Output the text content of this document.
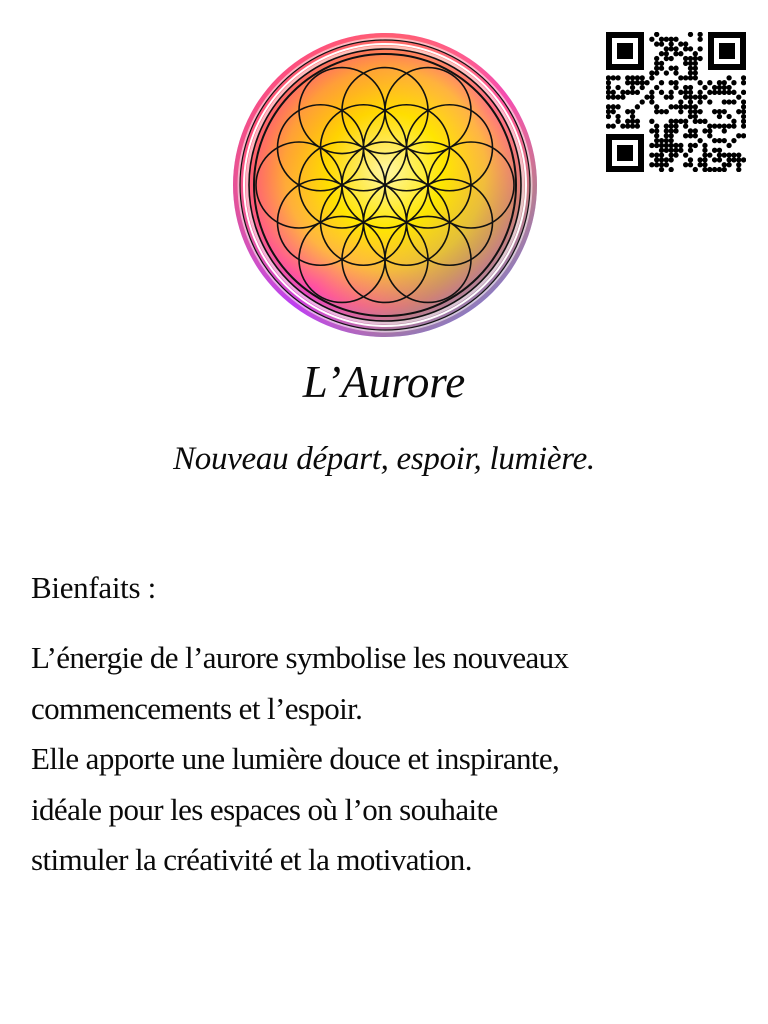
L’Aurore

Nouveau départ, espoir, lumière.

Bienfaits :

L’énergie de l’aurore symbolise les nouveaux
commencements et l’espoir.
Elle apporte une lumière douce et inspirante,
idéale pour les espaces où l’on souhaite
stimuler la créativité et la motivation.
